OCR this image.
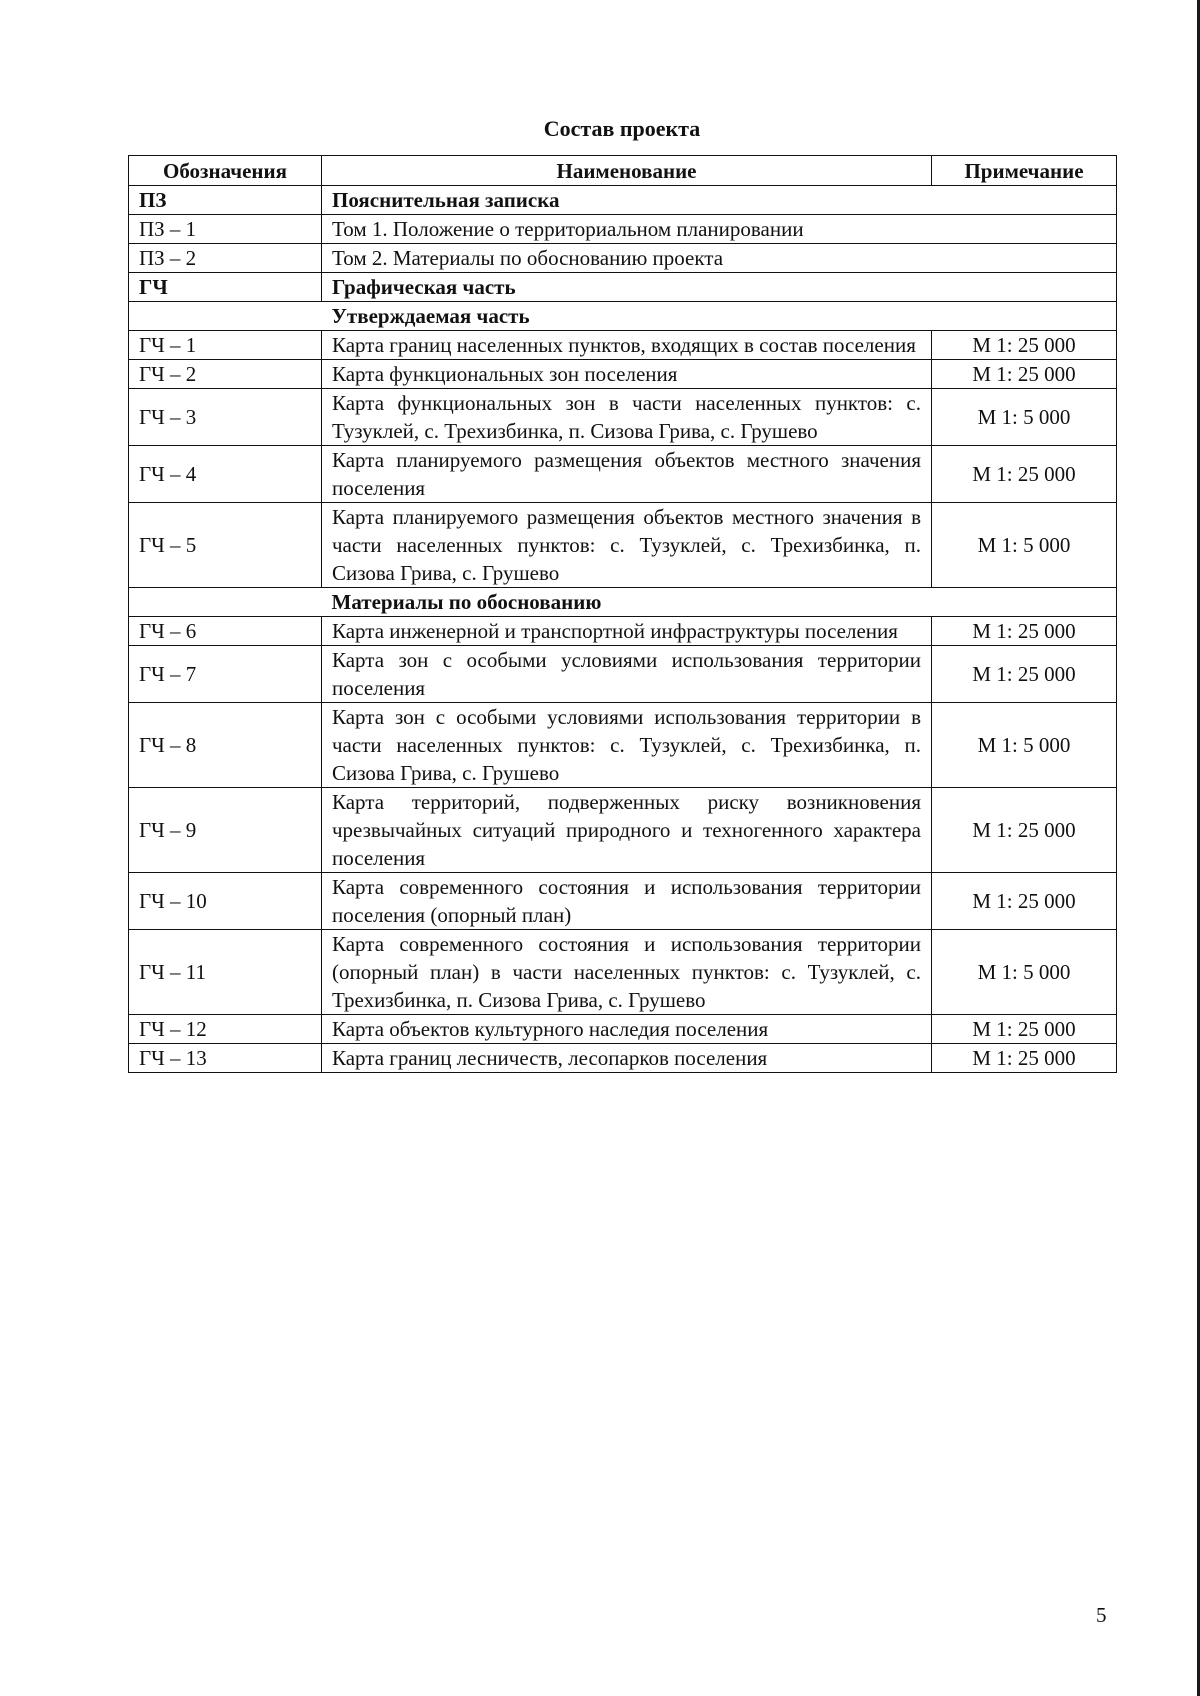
Состав проекта
Обозначения	Наименование	Примечание
ПЗ	Пояснительная записка	
ПЗ – 1	Том 1. Положение о территориальном планировании	
ПЗ – 2	Том 2. Материалы по обоснованию проекта	
ГЧ	Графическая часть	
	Утверждаемая часть	
ГЧ – 1	Карта границ населенных пунктов, входящих в состав поселения	М 1: 25 000
ГЧ – 2	Карта функциональных зон поселения	М 1: 25 000
ГЧ – 3	Карта функциональных зон в части населенных пунктов: с. Тузуклей, с. Трехизбинка, п. Сизова Грива, с. Грушево	М 1: 5 000
ГЧ – 4	Карта планируемого размещения объектов местного значения поселения	М 1: 25 000
ГЧ – 5	Карта планируемого размещения объектов местного значения в части населенных пунктов: с. Тузуклей, с. Трехизбинка, п. Сизова Грива, с. Грушево	М 1: 5 000
	Материалы по обоснованию	
ГЧ – 6	Карта инженерной и транспортной инфраструктуры поселения	М 1: 25 000
ГЧ – 7	Карта зон с особыми условиями использования территории поселения	М 1: 25 000
ГЧ – 8	Карта зон с особыми условиями использования территории в части населенных пунктов: с. Тузуклей, с. Трехизбинка, п. Сизова Грива, с. Грушево	М 1: 5 000
ГЧ – 9	Карта территорий, подверженных риску возникновения чрезвычайных ситуаций природного и техногенного характера поселения	М 1: 25 000
ГЧ – 10	Карта современного состояния и использования территории поселения (опорный план)	М 1: 25 000
ГЧ – 11	Карта современного состояния и использования территории (опорный план) в части населенных пунктов: с. Тузуклей, с. Трехизбинка, п. Сизова Грива, с. Грушево	М 1: 5 000
ГЧ – 12	Карта объектов культурного наследия поселения	М 1: 25 000
ГЧ – 13	Карта границ лесничеств, лесопарков поселения	М 1: 25 000
5
